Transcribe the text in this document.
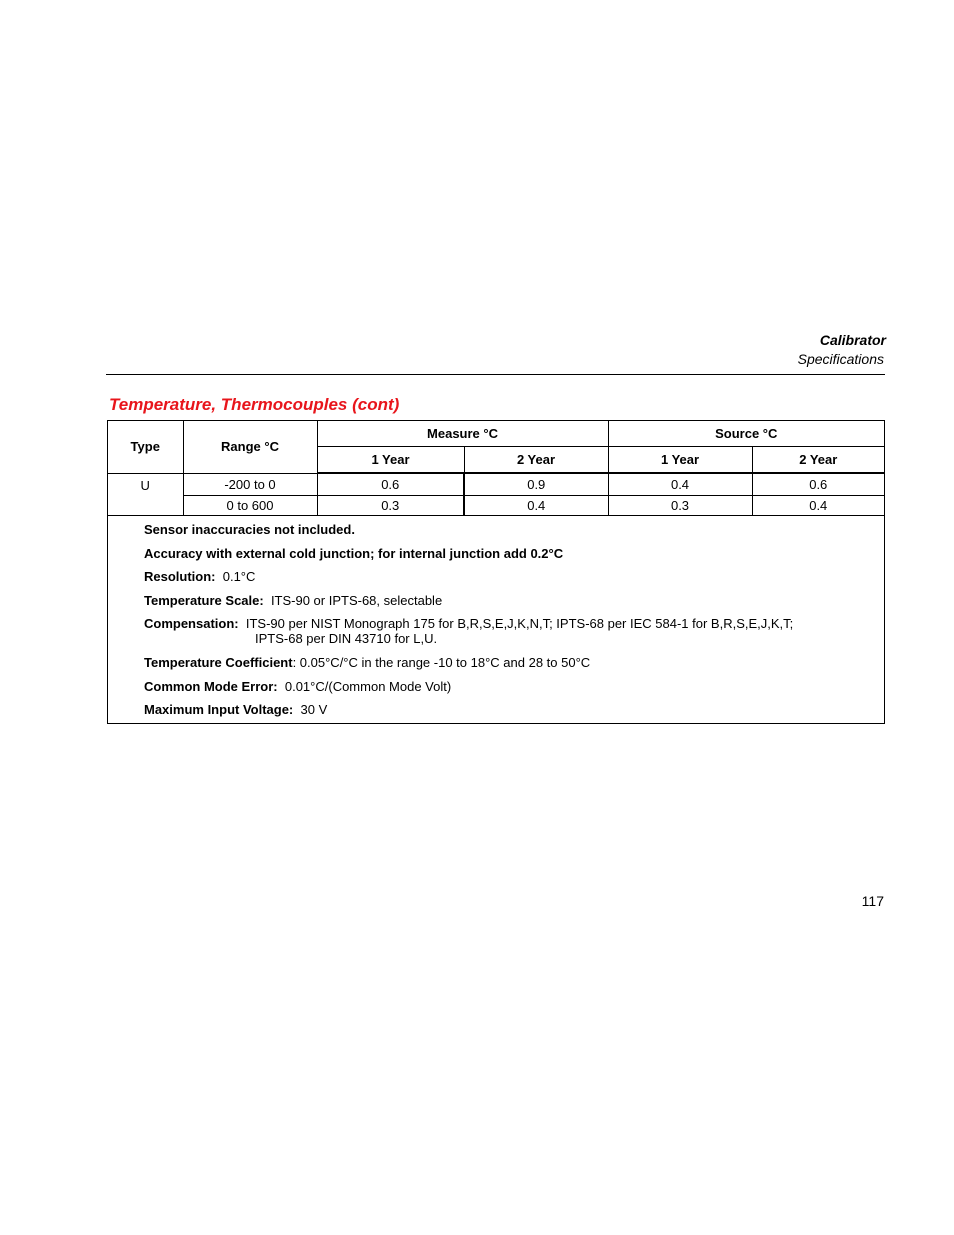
Calibrator
Specifications
Temperature, Thermocouples (cont)
Type	Range °C	Measure °C		Source °C	
		1 Year	2 Year	1 Year	2 Year
U	-200 to 0	0.6	0.9	0.4	0.6
	0 to 600	0.3	0.4	0.3	0.4
Sensor inaccuracies not included.
Accuracy with external cold junction; for internal junction add 0.2°C
Resolution: 0.1°C
Temperature Scale: ITS-90 or IPTS-68, selectable
Compensation: ITS-90 per NIST Monograph 175 for B,R,S,E,J,K,N,T; IPTS-68 per IEC 584-1 for B,R,S,E,J,K,T;
IPTS-68 per DIN 43710 for L,U.
Temperature Coefficient: 0.05°C/°C in the range -10 to 18°C and 28 to 50°C
Common Mode Error: 0.01°C/(Common Mode Volt)
Maximum Input Voltage: 30 V
117
